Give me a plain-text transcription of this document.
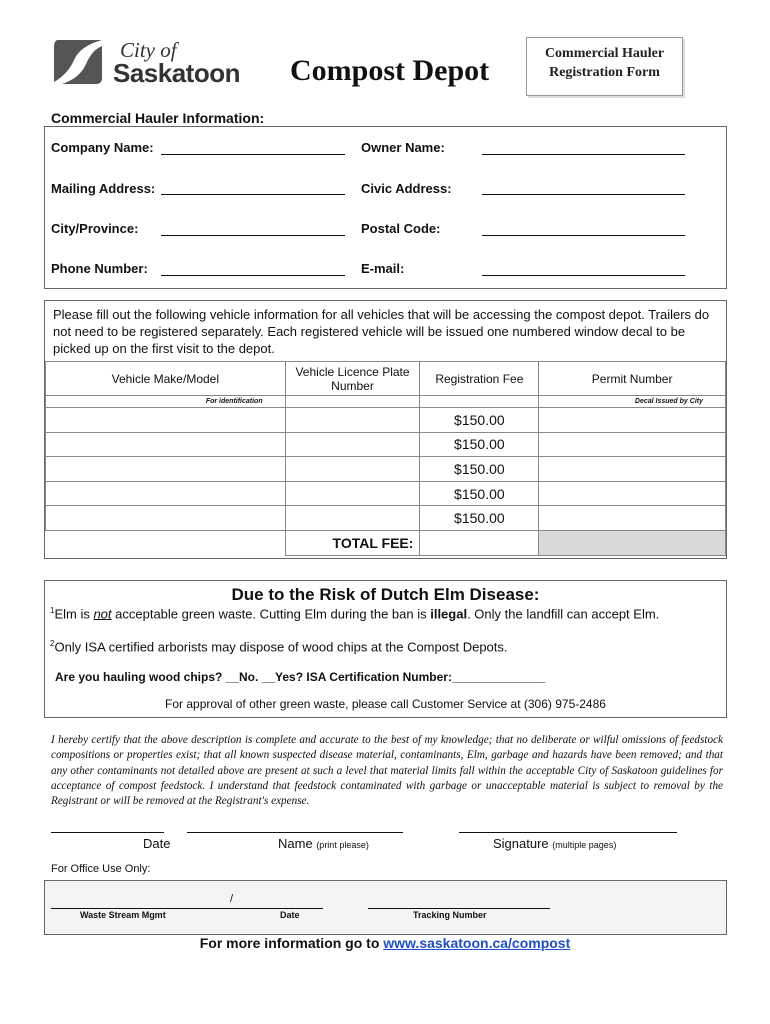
City of
Saskatoon Compost Depot
Commercial Hauler
Registration Form
Commercial Hauler Information:
Company Name:	Owner Name:
Mailing Address:	Civic Address:
City/Province:	Postal Code:
Phone Number:	E-mail:
Please fill out the following vehicle information for all vehicles that will be accessing the compost depot. Trailers do not need to be registered separately. Each registered vehicle will be issued one numbered window decal to be picked up on the first visit to the depot.
Vehicle Make/Model	Vehicle Licence Plate Number	Registration Fee	Permit Number
For identification			Decal Issued by City
		$150.00	
		$150.00	
		$150.00	
		$150.00	
		$150.00	
	TOTAL FEE:		
Due to the Risk of Dutch Elm Disease:
$^1$Elm is not acceptable green waste. Cutting Elm during the ban is illegal. Only the landfill can accept Elm.
$^2$Only ISA certified arborists may dispose of wood chips at the Compost Depots.
Are you hauling wood chips? __No. __Yes? ISA Certification Number:______________
For approval of other green waste, please call Customer Service at (306) 975-2486
I hereby certify that the above description is complete and accurate to the best of my knowledge; that no deliberate or wilful omissions of feedstock compositions or properties exist; that all known suspected disease material, contaminants, Elm, garbage and hazards have been removed; and that any other contaminants not detailed above are present at such a level that material limits fall within the acceptable City of Saskatoon guidelines for acceptance of compost feedstock. I understand that feedstock contaminated with garbage or unacceptable material is subject to removal by the Registrant or will be removed at the Registrant's expense.
Date	Name (print please)	Signature (multiple pages)
For Office Use Only:
/
Waste Stream Mgmt	Date	Tracking Number
For more information go to www.saskatoon.ca/compost
